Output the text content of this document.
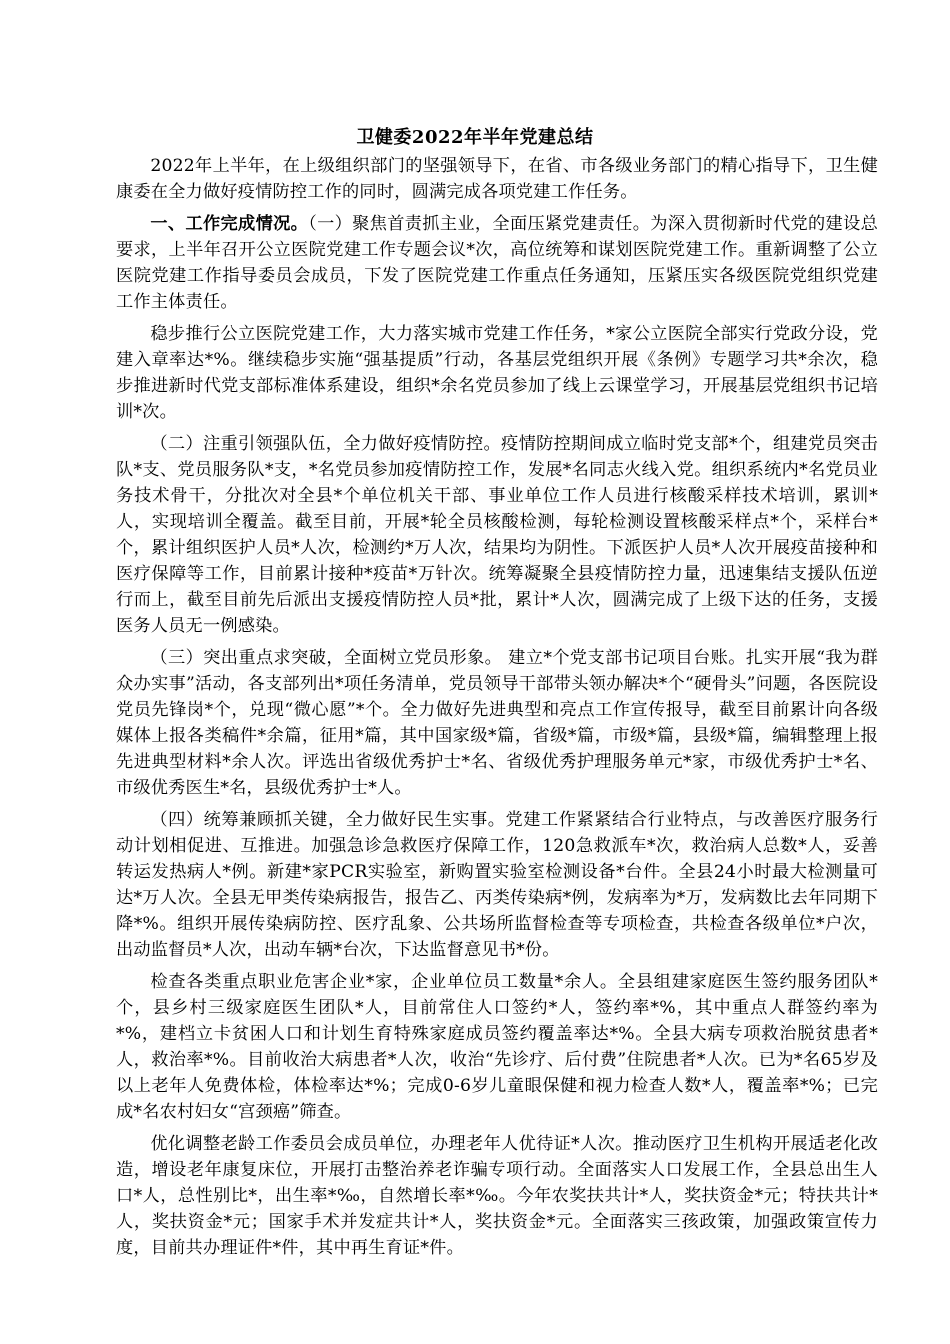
卫健委2022年半年党建总结

2022年上半年，在上级组织部门的坚强领导下，在省、市各级业务部门的精心指导下，卫生健康委在全力做好疫情防控工作的同时，圆满完成各项党建工作任务。

一、工作完成情况。（一）聚焦首责抓主业，全面压紧党建责任。为深入贯彻新时代党的建设总要求，上半年召开公立医院党建工作专题会议*次，高位统筹和谋划医院党建工作。重新调整了公立医院党建工作指导委员会成员，下发了医院党建工作重点任务通知，压紧压实各级医院党组织党建工作主体责任。

稳步推行公立医院党建工作，大力落实城市党建工作任务，*家公立医院全部实行党政分设，党建入章率达*%。继续稳步实施“强基提质”行动，各基层党组织开展《条例》专题学习共*余次，稳步推进新时代党支部标准体系建设，组织*余名党员参加了线上云课堂学习，开展基层党组织书记培训*次。

（二）注重引领强队伍，全力做好疫情防控。疫情防控期间成立临时党支部*个，组建党员突击队*支、党员服务队*支，*名党员参加疫情防控工作，发展*名同志火线入党。组织系统内*名党员业务技术骨干，分批次对全县*个单位机关干部、事业单位工作人员进行核酸采样技术培训，累训*人，实现培训全覆盖。截至目前，开展*轮全员核酸检测，每轮检测设置核酸采样点*个，采样台*个，累计组织医护人员*人次，检测约*万人次，结果均为阴性。下派医护人员*人次开展疫苗接种和医疗保障等工作，目前累计接种*疫苗*万针次。统筹凝聚全县疫情防控力量，迅速集结支援队伍逆行而上，截至目前先后派出支援疫情防控人员*批，累计*人次，圆满完成了上级下达的任务，支援医务人员无一例感染。

（三）突出重点求突破，全面树立党员形象。 建立*个党支部书记项目台账。扎实开展“我为群众办实事”活动，各支部列出*项任务清单，党员领导干部带头领办解决*个“硬骨头”问题，各医院设党员先锋岗*个，兑现“微心愿”*个。全力做好先进典型和亮点工作宣传报导，截至目前累计向各级媒体上报各类稿件*余篇，征用*篇，其中国家级*篇，省级*篇，市级*篇，县级*篇，编辑整理上报先进典型材料*余人次。评选出省级优秀护士*名、省级优秀护理服务单元*家，市级优秀护士*名、市级优秀医生*名，县级优秀护士*人。

（四）统筹兼顾抓关键，全力做好民生实事。党建工作紧紧结合行业特点，与改善医疗服务行动计划相促进、互推进。加强急诊急救医疗保障工作，120急救派车*次，救治病人总数*人，妥善转运发热病人*例。新建*家PCR实验室，新购置实验室检测设备*台件。全县24小时最大检测量可达*万人次。全县无甲类传染病报告，报告乙、丙类传染病*例，发病率为*万，发病数比去年同期下降*%。组织开展传染病防控、医疗乱象、公共场所监督检查等专项检查，共检查各级单位*户次，出动监督员*人次，出动车辆*台次，下达监督意见书*份。

检查各类重点职业危害企业*家，企业单位员工数量*余人。全县组建家庭医生签约服务团队*个，县乡村三级家庭医生团队*人，目前常住人口签约*人，签约率*%，其中重点人群签约率为*%，建档立卡贫困人口和计划生育特殊家庭成员签约覆盖率达*%。全县大病专项救治脱贫患者*人，救治率*%。目前收治大病患者*人次，收治“先诊疗、后付费”住院患者*人次。已为*名65岁及以上老年人免费体检，体检率达*%；完成0-6岁儿童眼保健和视力检查人数*人，覆盖率*%；已完成*名农村妇女“宫颈癌”筛查。

优化调整老龄工作委员会成员单位，办理老年人优待证*人次。推动医疗卫生机构开展适老化改造，增设老年康复床位，开展打击整治养老诈骗专项行动。全面落实人口发展工作，全县总出生人口*人，总性别比*，出生率*‰，自然增长率*‰。今年农奖扶共计*人，奖扶资金*元；特扶共计*人，奖扶资金*元；国家手术并发症共计*人，奖扶资金*元。全面落实三孩政策，加强政策宣传力度，目前共办理证件*件，其中再生育证*件。
